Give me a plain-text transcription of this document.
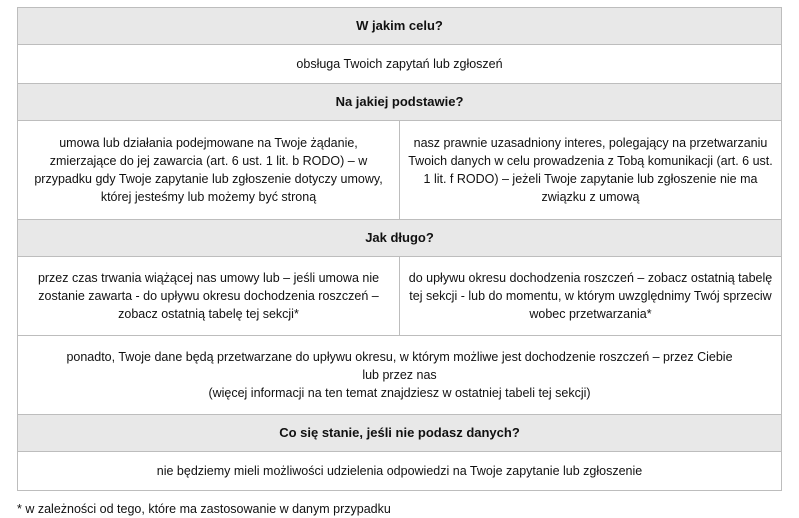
W jakim celu?	
obsługa Twoich zapytań lub zgłoszeń	
Na jakiej podstawie?	
umowa lub działania podejmowane na Twoje żądanie, zmierzające do jej zawarcia (art. 6 ust. 1 lit. b RODO) – w przypadku gdy Twoje zapytanie lub zgłoszenie dotyczy umowy, której jesteśmy lub możemy być stroną	nasz prawnie uzasadniony interes, polegający na przetwarzaniu Twoich danych w celu prowadzenia z Tobą komunikacji (art. 6 ust. 1 lit. f RODO) – jeżeli Twoje zapytanie lub zgłoszenie nie ma związku z umową
Jak długo?	
przez czas trwania wiążącej nas umowy lub – jeśli umowa nie zostanie zawarta - do upływu okresu dochodzenia roszczeń – zobacz ostatnią tabelę tej sekcji*	do upływu okresu dochodzenia roszczeń – zobacz ostatnią tabelę tej sekcji - lub do momentu, w którym uwzględnimy Twój sprzeciw wobec przetwarzania*

ponadto, Twoje dane będą przetwarzane do upływu okresu, w którym możliwe jest dochodzenie roszczeń – przez Ciebie
lub przez nas
(więcej informacji na ten temat znajdziesz w ostatniej tabeli tej sekcji)	

Co się stanie, jeśli nie podasz danych?	
nie będziemy mieli możliwości udzielenia odpowiedzi na Twoje zapytanie lub zgłoszenie	
* w zależności od tego, które ma zastosowanie w danym przypadku
